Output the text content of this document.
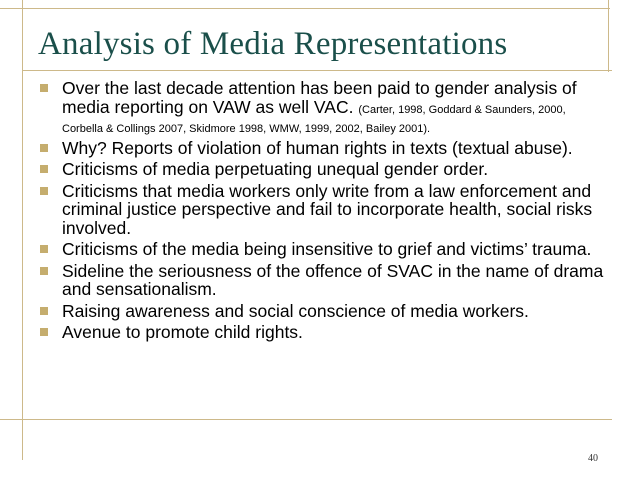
Analysis of Media Representations
Over the last decade attention has been paid to gender analysis of media reporting on VAW as well VAC. (Carter, 1998, Goddard & Saunders, 2000, Corbella & Collings 2007, Skidmore 1998, WMW, 1999, 2002, Bailey 2001).
Why? Reports of violation of human rights in texts (textual abuse).
Criticisms of media perpetuating unequal gender order.
Criticisms that media workers only write from a law enforcement and criminal justice perspective and fail to incorporate health, social risks involved.
Criticisms of the media being insensitive to grief and victims’ trauma.
Sideline the seriousness of the offence of SVAC in the name of drama and sensationalism.
Raising awareness and social conscience of media workers.
Avenue to promote child rights.
40
